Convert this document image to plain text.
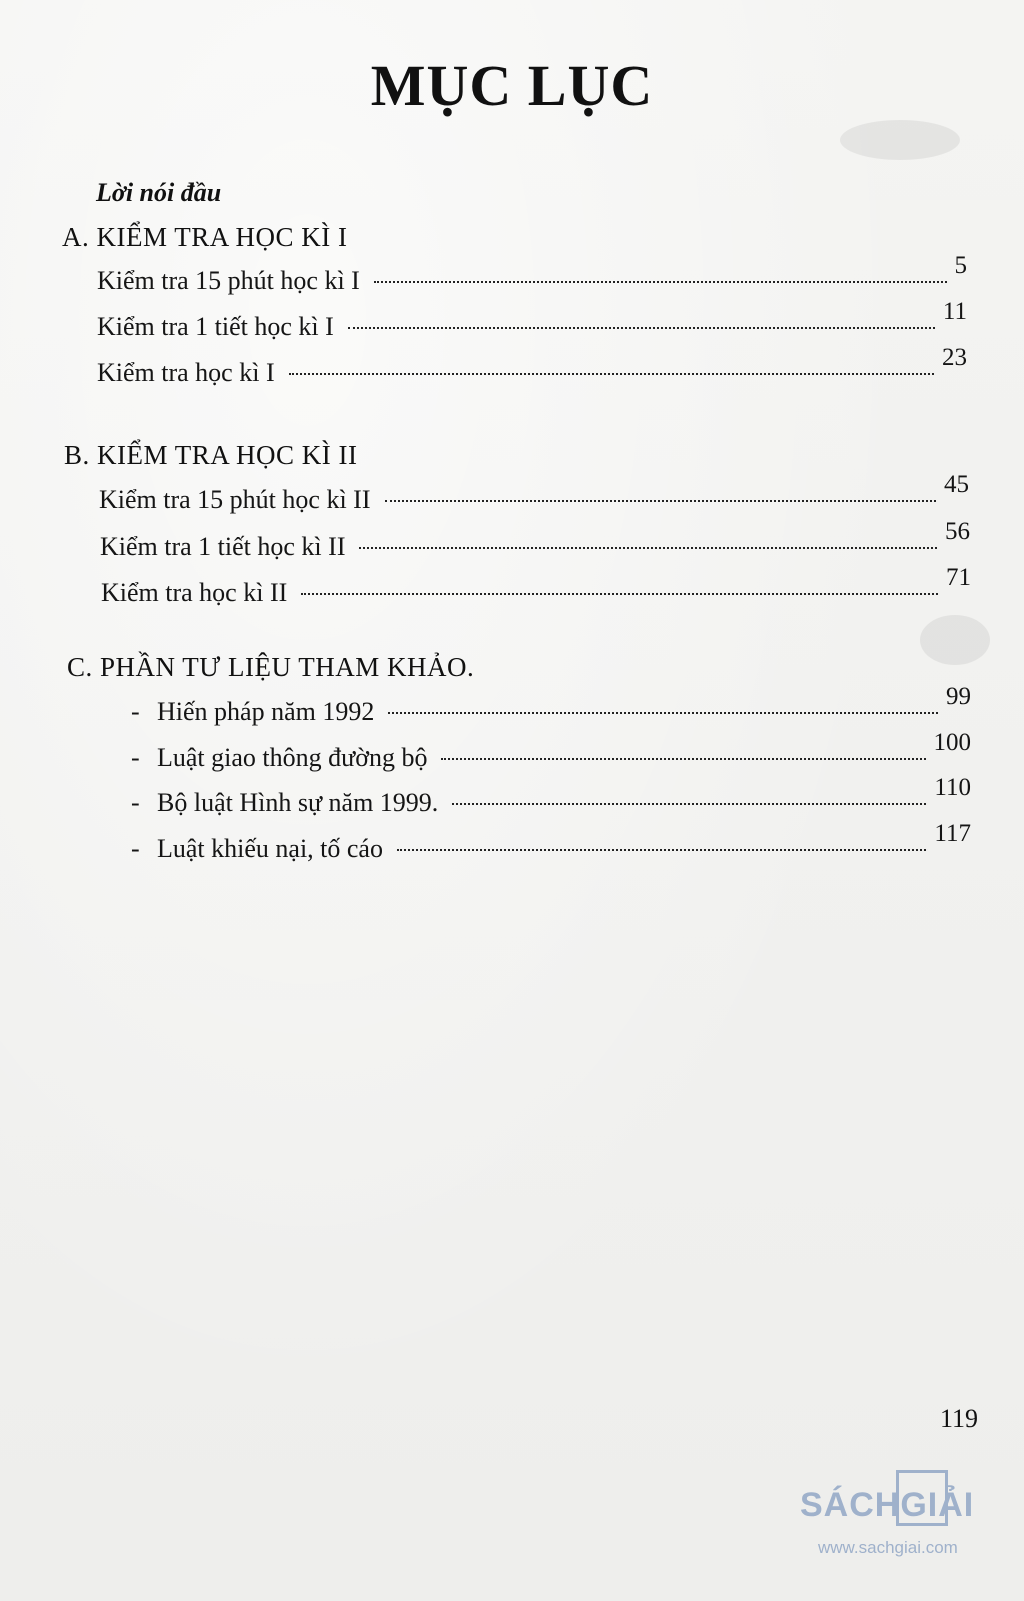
MỤC LỤC
Lời nói đầu
A. KIỂM TRA HỌC KÌ I
Kiểm tra 15 phút học kì I
5
Kiểm tra 1 tiết học kì I
11
Kiểm tra học kì I
23
B. KIỂM TRA HỌC KÌ II
Kiểm tra 15 phút học kì II
45
Kiểm tra 1 tiết học kì II
56
Kiểm tra học kì II
71
C. PHẦN TƯ LIỆU THAM KHẢO.
- Hiến pháp năm 1992
99
- Luật giao thông đường bộ
100
- Bộ luật Hình sự năm 1999.
110
- Luật khiếu nại, tố cáo
117
119
SÁCHGIẢI
www.sachgiai.com
